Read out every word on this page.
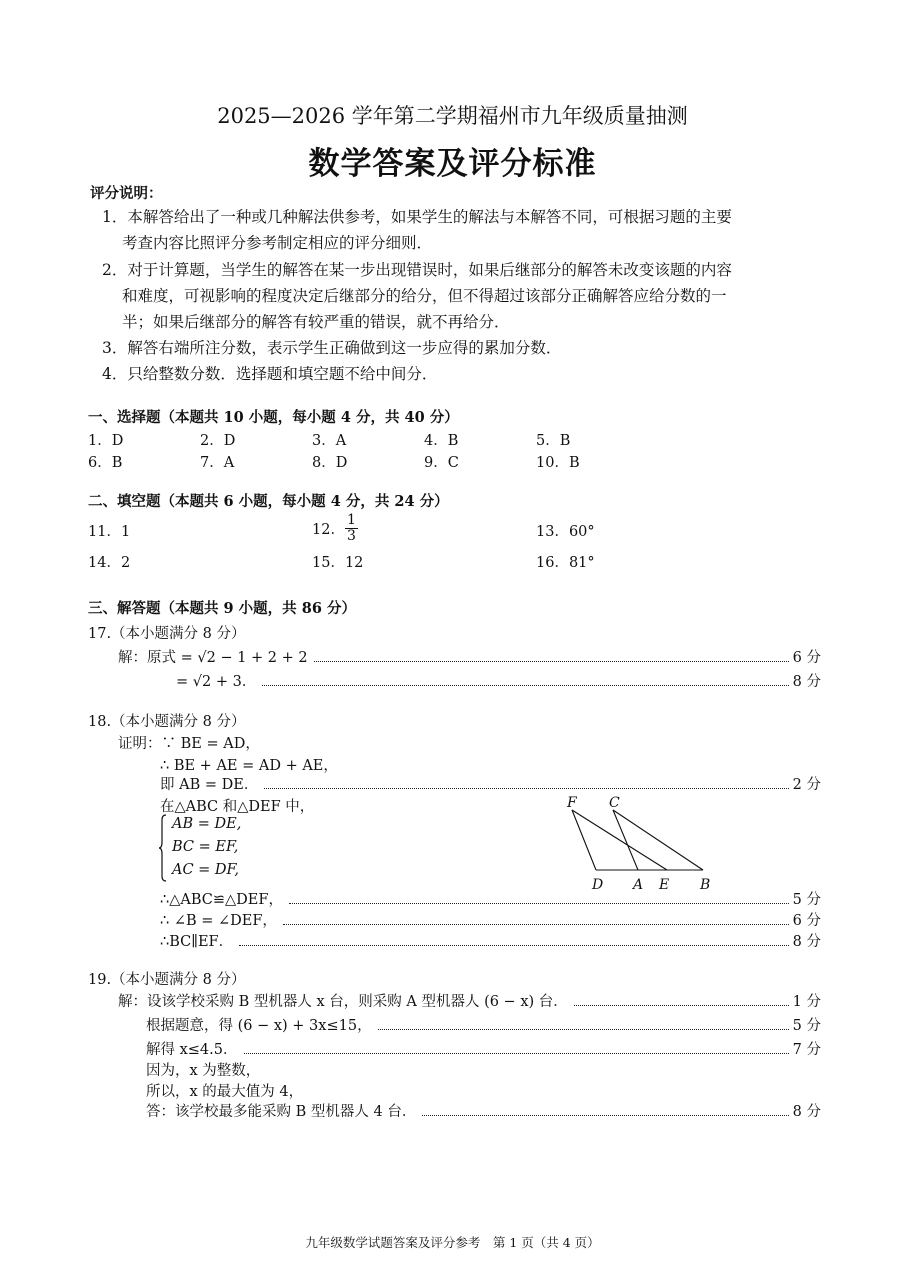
2025—2026 学年第二学期福州市九年级质量抽测
数学答案及评分标准
评分说明：
1．本解答给出了一种或几种解法供参考，如果学生的解法与本解答不同，可根据习题的主要
考查内容比照评分参考制定相应的评分细则．
2．对于计算题，当学生的解答在某一步出现错误时，如果后继部分的解答未改变该题的内容
和难度，可视影响的程度决定后继部分的给分，但不得超过该部分正确解答应给分数的一
半；如果后继部分的解答有较严重的错误，就不再给分．
3．解答右端所注分数，表示学生正确做到这一步应得的累加分数．
4．只给整数分数．选择题和填空题不给中间分．
一、选择题（本题共 10 小题，每小题 4 分，共 40 分）
1．D	2．D	3．A	4．B	5．B
6．B	7．A	8．D	9．C	10．B
二、填空题（本题共 6 小题，每小题 4 分，共 24 分）
11．1	12． $\frac{1}{3}$	13．60°
14．2	15．12	16．81°
三、解答题（本题共 9 小题，共 86 分）
17.（本小题满分 8 分）
解：原式 = √2 − 1 + 2 + 2	6 分
= √2 + 3．	8 分
18.（本小题满分 8 分）
证明：∵ BE = AD，
∴ BE + AE = AD + AE，
即 AB = DE．	2 分
在△ABC 和△DEF 中，
AB = DE,
BC = EF,
AC = DF,
F C
D A E B
∴△ABC≌△DEF，	5 分
∴ ∠B = ∠DEF，	6 分
∴BC∥EF．	8 分
19.（本小题满分 8 分）
解：设该学校采购 B 型机器人 x 台，则采购 A 型机器人 (6 − x) 台．	1 分
根据题意，得 (6 − x) + 3x≤15，	5 分
解得 x≤4.5．	7 分
因为，x 为整数，
所以，x 的最大值为 4，
答：该学校最多能采购 B 型机器人 4 台．	8 分
九年级数学试题答案及评分参考　第 1 页（共 4 页）
